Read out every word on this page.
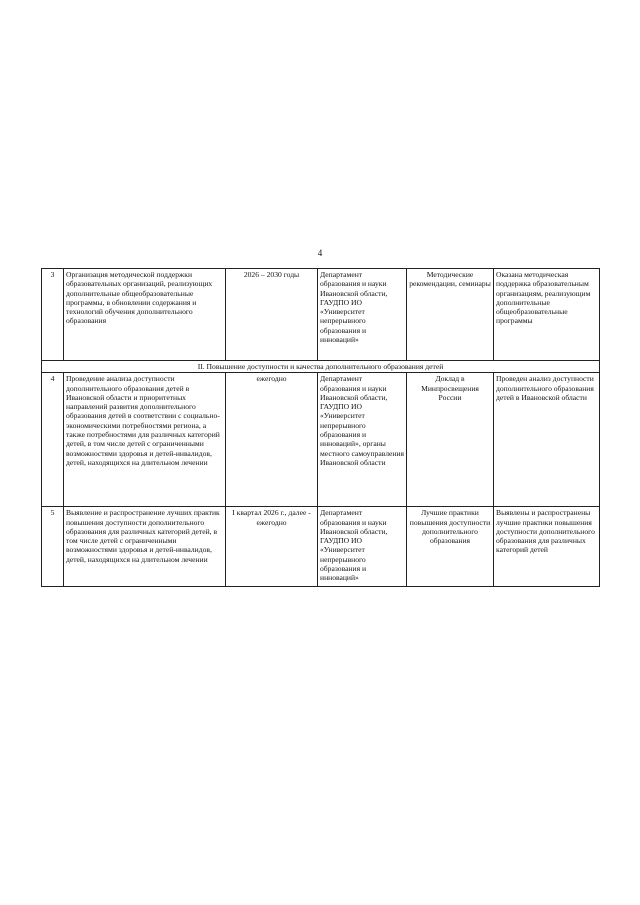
4
3	Организация методической поддержки образовательных организаций, реализующих дополнительные общеобразовательные программы, в обновлении содержания и технологий обучения дополнительного образования	2026 – 2030 годы	Департамент образования и науки Ивановской области, ГАУДПО ИО «Университет непрерывного образования и инноваций»	Методические рекомендации, семинары	Оказана методическая поддержка образовательным организациям, реализующим дополнительные общеобразовательные программы
II. Повышение доступности и качества дополнительного образования детей					
4	Проведение анализа доступности дополнительного образования детей в Ивановской области и приоритетных направлений развития дополнительного образования детей в соответствии с социально-экономическими потребностями региона, а также потребностями для различных категорий детей, в том числе детей с ограниченными возможностями здоровья и детей-инвалидов, детей, находящихся на длительном лечении	ежегодно	Департамент образования и науки Ивановской области, ГАУДПО ИО «Университет непрерывного образования и инноваций», органы местного самоуправления Ивановской области	Доклад в Минпросвещения России	Проведен анализ доступности дополнительного образования детей в Ивановской области
5	Выявление и распространение лучших практик повышения доступности дополнительного образования для различных категорий детей, в том числе детей с ограниченными возможностями здоровья и детей-инвалидов, детей, находящихся на длительном лечении	I квартал 2026 г., далее - ежегодно	Департамент образования и науки Ивановской области, ГАУДПО ИО «Университет непрерывного образования и инноваций»	Лучшие практики повышения доступности дополнительного образования	Выявлены и распространены лучшие практики повышения доступности дополнительного образования для различных категорий детей
